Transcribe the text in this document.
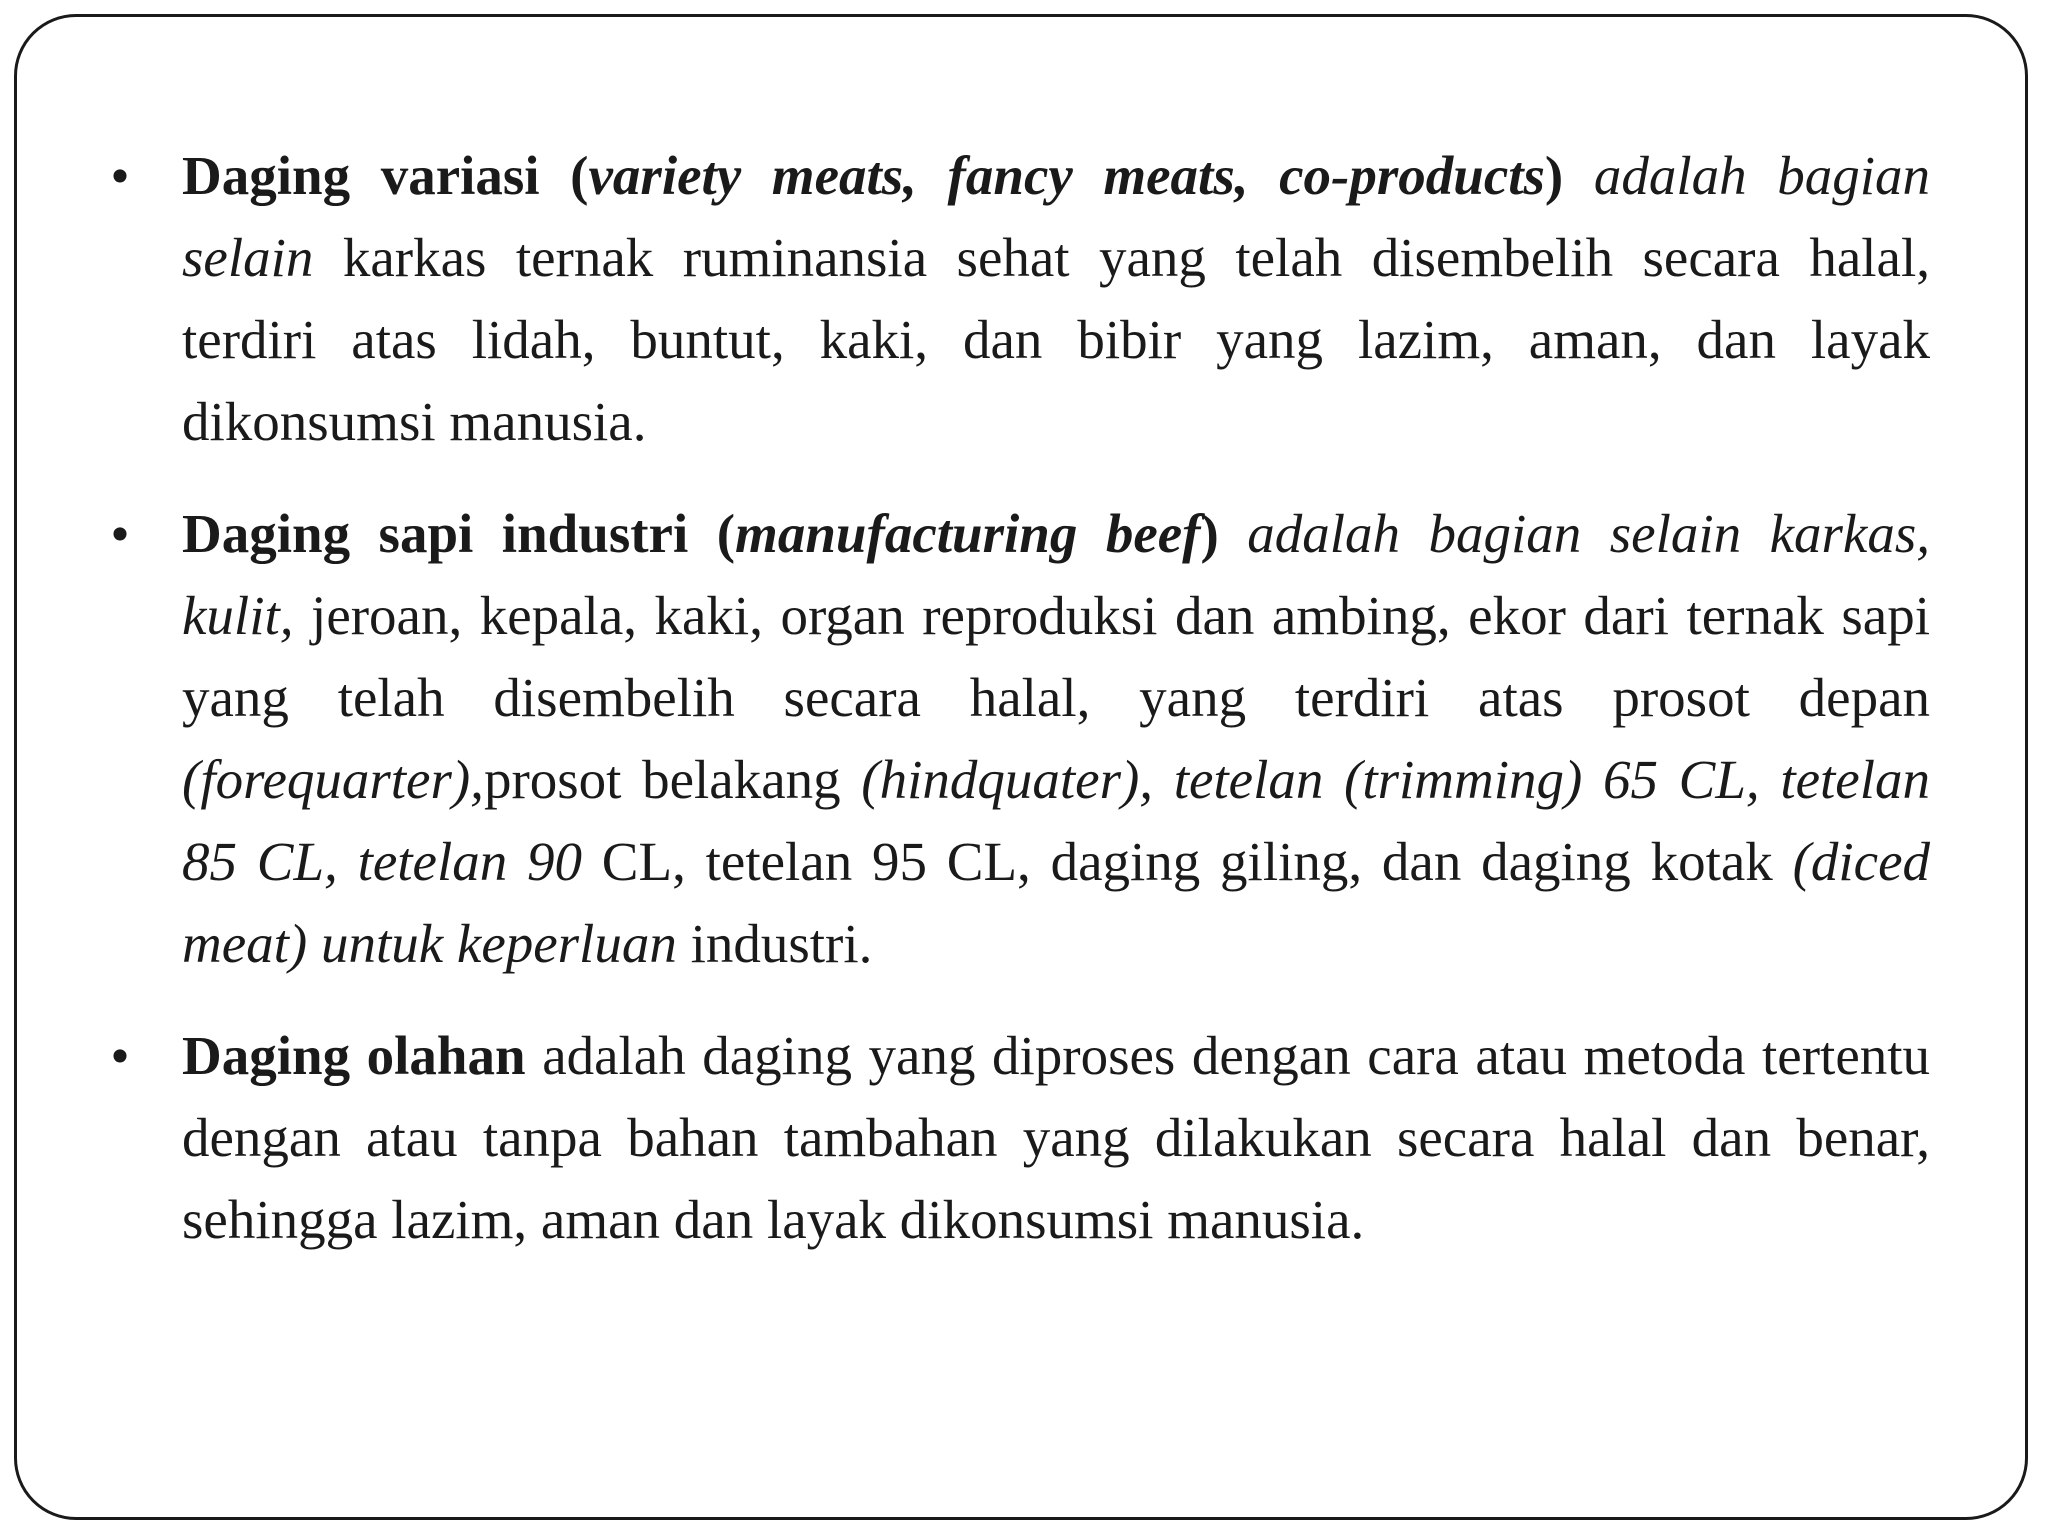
• Daging variasi (variety meats, fancy meats, co-products) adalah bagian selain karkas ternak ruminansia sehat yang telah disembelih secara halal, terdiri atas lidah, buntut, kaki, dan bibir yang lazim, aman, dan layak dikonsumsi manusia.
• Daging sapi industri (manufacturing beef) adalah bagian selain karkas, kulit, jeroan, kepala, kaki, organ reproduksi dan ambing, ekor dari ternak sapi yang telah disembelih secara halal, yang terdiri atas prosot depan (forequarter),prosot belakang (hindquater), tetelan (trimming) 65 CL, tetelan 85 CL, tetelan 90 CL, tetelan 95 CL, daging giling, dan daging kotak (diced meat) untuk keperluan industri.
• Daging olahan adalah daging yang diproses dengan cara atau metoda tertentu dengan atau tanpa bahan tambahan yang dilakukan secara halal dan benar, sehingga lazim, aman dan layak dikonsumsi manusia.
